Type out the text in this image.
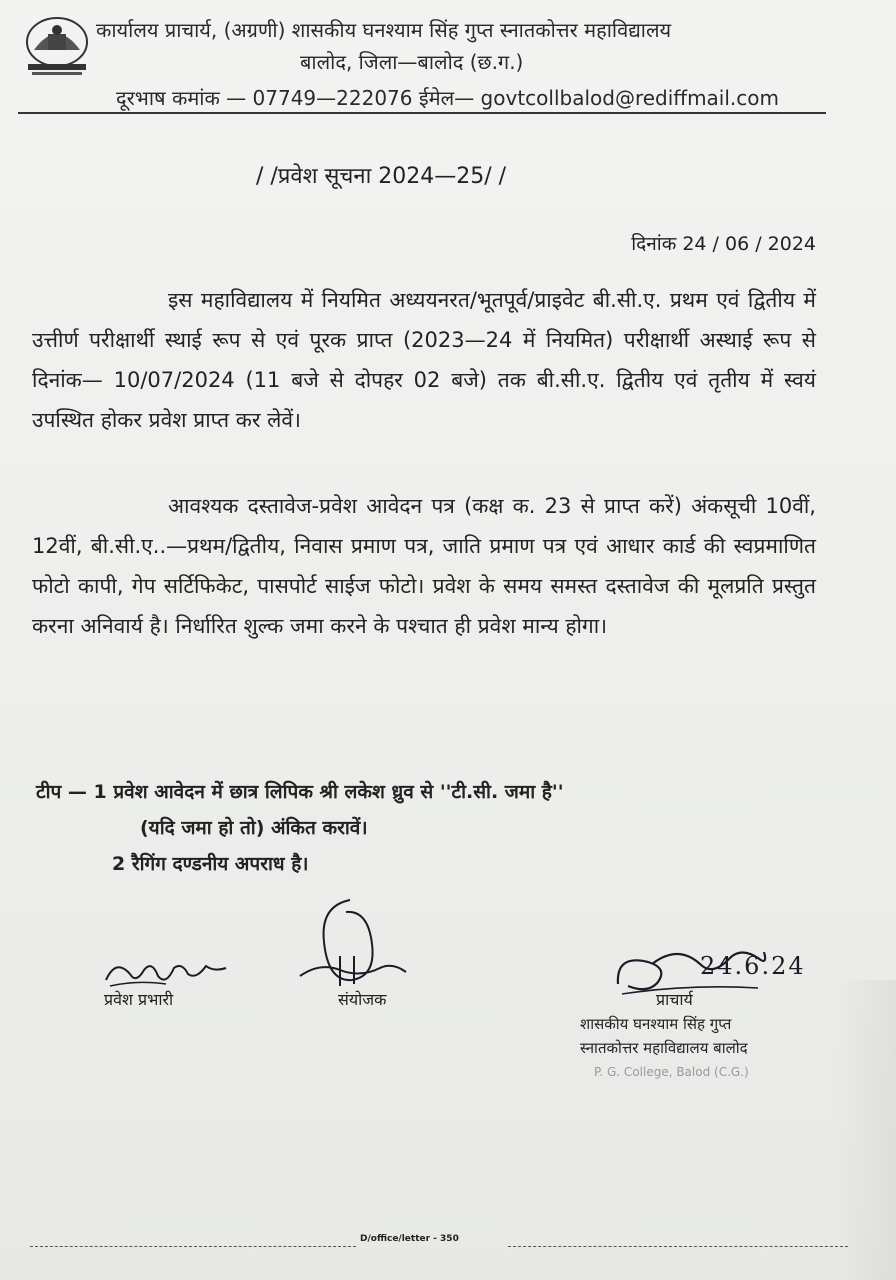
कार्यालय प्राचार्य, (अग्रणी) शासकीय घनश्याम सिंह गुप्त स्नातकोत्तर महाविद्यालय
बालोद, जिला—बालोद (छ.ग.)
दूरभाष कमांक — 07749—222076 ईमेल— govtcollbalod@rediffmail.com
/ /प्रवेश सूचना 2024—25/ /
दिनांक 24 / 06 / 2024
इस महाविद्यालय में नियमित अध्ययनरत/भूतपूर्व/प्राइवेट बी.सी.ए. प्रथम एवं द्वितीय में उत्तीर्ण परीक्षार्थी स्थाई रूप से एवं पूरक प्राप्त (2023—24 में नियमित) परीक्षार्थी अस्थाई रूप से दिनांक— 10/07/2024 (11 बजे से दोपहर 02 बजे) तक बी.सी.ए. द्वितीय एवं तृतीय में स्वयं उपस्थित होकर प्रवेश प्राप्त कर लेवें।
आवश्यक दस्तावेज-प्रवेश आवेदन पत्र (कक्ष क. 23 से प्राप्त करें) अंकसूची 10वीं, 12वीं, बी.सी.ए..—प्रथम/द्वितीय, निवास प्रमाण पत्र, जाति प्रमाण पत्र एवं आधार कार्ड की स्वप्रमाणित फोटो कापी, गेप सर्टिफिकेट, पासपोर्ट साईज फोटो। प्रवेश के समय समस्त दस्तावेज की मूलप्रति प्रस्तुत करना अनिवार्य है। निर्धारित शुल्क जमा करने के पश्चात ही प्रवेश मान्य होगा।
टीप — 1 प्रवेश आवेदन में छात्र लिपिक श्री लकेश ध्रुव से ''टी.सी. जमा है''
(यदि जमा हो तो) अंकित करावें।
2 रैगिंग दण्डनीय अपराध है।
24.6.24
प्रवेश प्रभारी	संयोजक	प्राचार्य
शासकीय घनश्याम सिंह गुप्त
स्नातकोत्तर महाविद्यालय बालोद
P. G. College, Balod (C.G.)
D/office/letter - 350
